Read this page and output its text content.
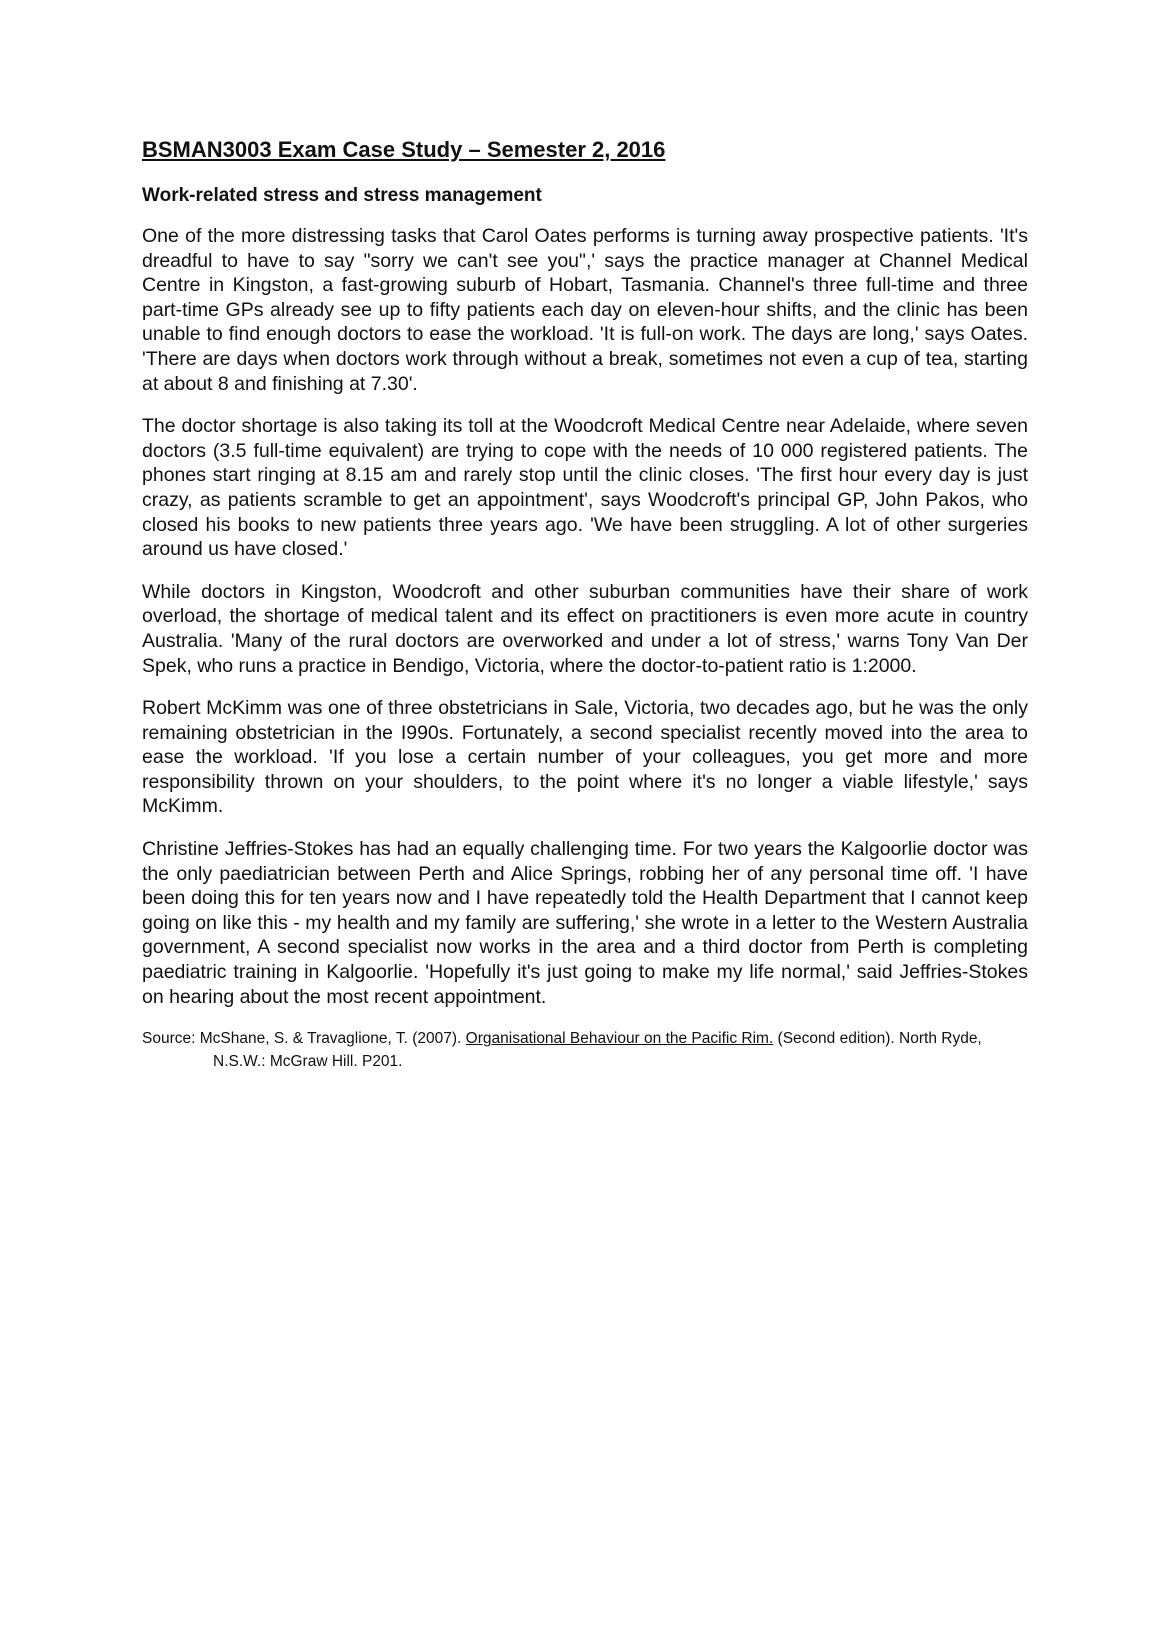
BSMAN3003 Exam Case Study – Semester 2, 2016
Work-related stress and stress management

One of the more distressing tasks that Carol Oates performs is turning away prospective patients. 'It's dreadful to have to say "sorry we can't see you",' says the practice manager at Channel Medical Centre in Kingston, a fast-growing suburb of Hobart, Tasmania. Channel's three full-time and three part-time GPs already see up to fifty patients each day on eleven-hour shifts, and the clinic has been unable to find enough doctors to ease the workload. 'It is full-on work. The days are long,' says Oates. 'There are days when doctors work through without a break, sometimes not even a cup of tea, starting at about 8 and finishing at 7.30'.

The doctor shortage is also taking its toll at the Woodcroft Medical Centre near Adelaide, where seven doctors (3.5 full-time equivalent) are trying to cope with the needs of 10 000 registered patients. The phones start ringing at 8.15 am and rarely stop until the clinic closes. 'The first hour every day is just crazy, as patients scramble to get an appointment', says Woodcroft's principal GP, John Pakos, who closed his books to new patients three years ago. 'We have been struggling. A lot of other surgeries around us have closed.'

While doctors in Kingston, Woodcroft and other suburban communities have their share of work overload, the shortage of medical talent and its effect on practitioners is even more acute in country Australia. 'Many of the rural doctors are overworked and under a lot of stress,' warns Tony Van Der Spek, who runs a practice in Bendigo, Victoria, where the doctor-to-patient ratio is 1:2000.

Robert McKimm was one of three obstetricians in Sale, Victoria, two decades ago, but he was the only remaining obstetrician in the I990s. Fortunately, a second specialist recently moved into the area to ease the workload. 'If you lose a certain number of your colleagues, you get more and more responsibility thrown on your shoulders, to the point where it's no longer a viable lifestyle,' says McKimm.

Christine Jeffries-Stokes has had an equally challenging time. For two years the Kalgoorlie doctor was the only paediatrician between Perth and Alice Springs, robbing her of any personal time off. 'I have been doing this for ten years now and I have repeatedly told the Health Department that I cannot keep going on like this - my health and my family are suffering,' she wrote in a letter to the Western Australia government, A second specialist now works in the area and a third doctor from Perth is completing paediatric training in Kalgoorlie. 'Hopefully it's just going to make my life normal,' said Jeffries-Stokes on hearing about the most recent appointment.

Source: McShane, S. & Travaglione, T. (2007). Organisational Behaviour on the Pacific Rim. (Second edition). North Ryde, N.S.W.: McGraw Hill. P201.
